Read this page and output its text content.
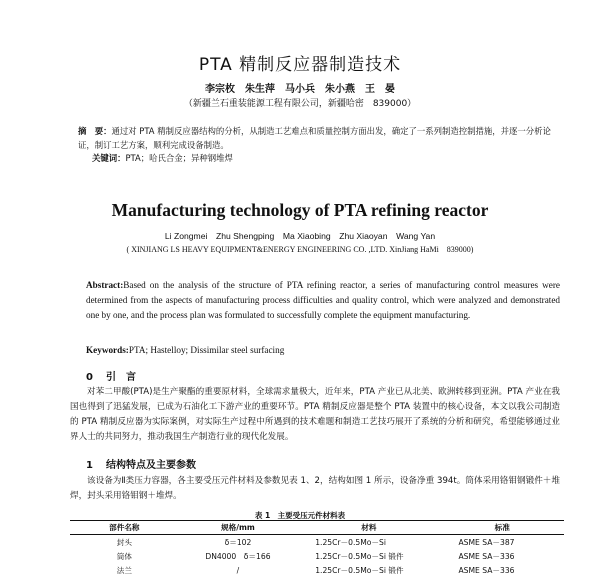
PTA 精制反应器制造技术
李宗枚　朱生萍　马小兵　朱小燕　王　晏
（新疆兰石重装能源工程有限公司，新疆哈密　839000）
摘　要：通过对 PTA 精制反应器结构的分析，从制造工艺难点和质量控制方面出发，确定了一系列制造控制措施，并逐一分析论证，制订工艺方案，顺利完成设备制造。
关键词：PTA；哈氏合金；异种钢堆焊
Manufacturing technology of PTA refining reactor
Li Zongmei　Zhu Shengping　Ma Xiaobing　Zhu Xiaoyan　Wang Yan
( XINJIANG LS HEAVY EQUIPMENT&ENERGY ENGINEERING CO. ,LTD. XinJiang HaMi　839000)
Abstract:Based on the analysis of the structure of PTA refining reactor, a series of manufacturing control measures were determined from the aspects of manufacturing process difficulties and quality control, which were analyzed and demonstrated one by one, and the process plan was formulated to successfully complete the equipment manufacturing.
Keywords:PTA; Hastelloy; Dissimilar steel surfacing
0 引　言
对苯二甲酸(PTA)是生产聚酯的重要原材料，全球需求量极大，近年来，PTA 产业已从北美、欧洲转移到亚洲。PTA 产业在我国也得到了迅猛发展，已成为石油化工下游产业的重要环节。PTA 精制反应器是整个 PTA 装置中的核心设备，本文以我公司制造的 PTA 精制反应器为实际案例，对实际生产过程中所遇到的技术难题和制造工艺技巧展开了系统的分析和研究，希望能够通过业界人士的共同努力，推动我国生产制造行业的现代化发展。
1 结构特点及主要参数
该设备为Ⅱ类压力容器，各主要受压元件材料及参数见表 1、2，结构如图 1 所示，设备净重 394t。筒体采用铬钼钢锻件＋堆焊，封头采用铬钼钢＋堆焊。
表 1　主要受压元件材料表
部件名称	规格/mm	材料	标准
封头	δ＝102	1.25Cr－0.5Mo－Si	ASME SA－387
筒体	DN4000　δ＝166	1.25Cr－0.5Mo－Si 锻件	ASME SA－336
法兰	/	1.25Cr－0.5Mo－Si 锻件	ASME SA－336
